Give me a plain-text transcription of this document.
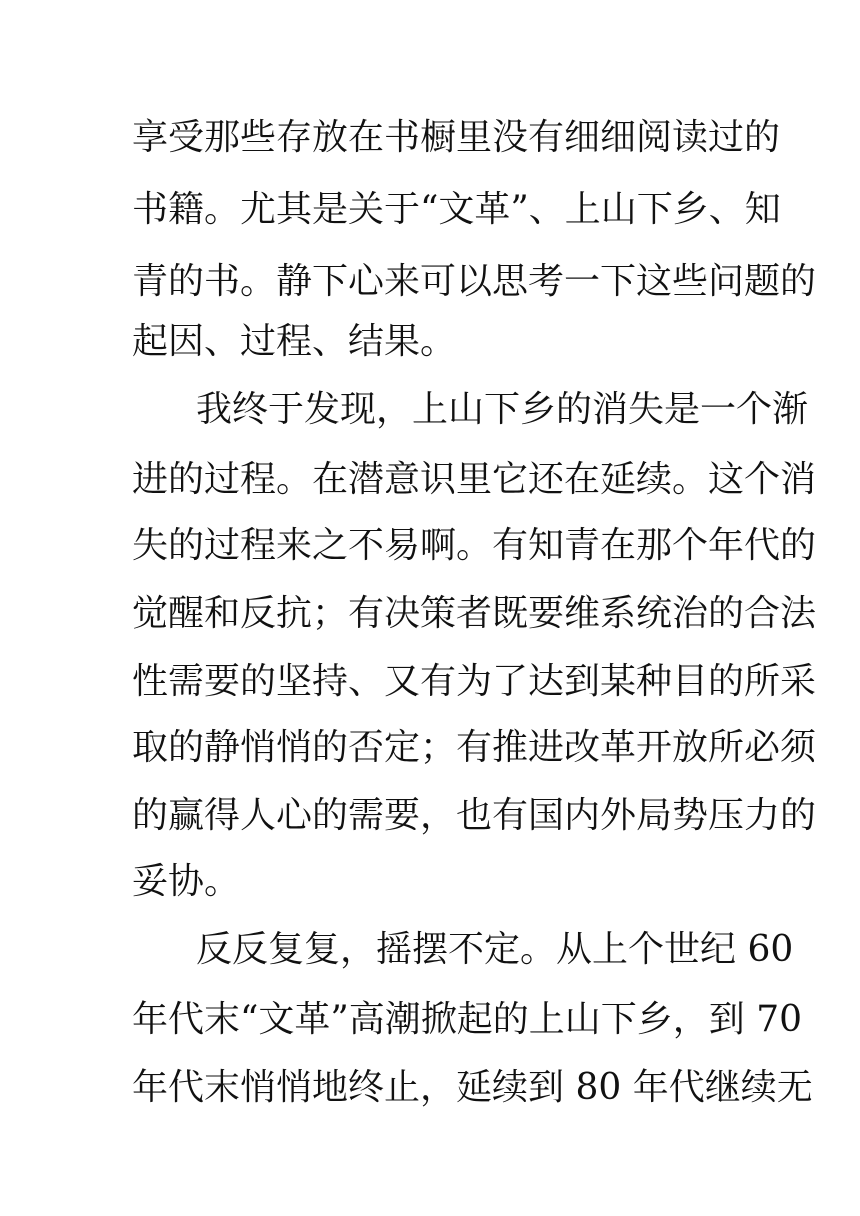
享受那些存放在书橱里没有细细阅读过的
书籍。尤其是关于“文革”、上山下乡、知
青的书。静下心来可以思考一下这些问题的
起因、过程、结果。
我终于发现，上山下乡的消失是一个渐
进的过程。在潜意识里它还在延续。这个消
失的过程来之不易啊。有知青在那个年代的
觉醒和反抗；有决策者既要维系统治的合法
性需要的坚持、又有为了达到某种目的所采
取的静悄悄的否定；有推进改革开放所必须
的赢得人心的需要，也有国内外局势压力的
妥协。
反反复复，摇摆不定。从上个世纪 60
年代末“文革”高潮掀起的上山下乡，到 70
年代末悄悄地终止，延续到 80 年代继续无
